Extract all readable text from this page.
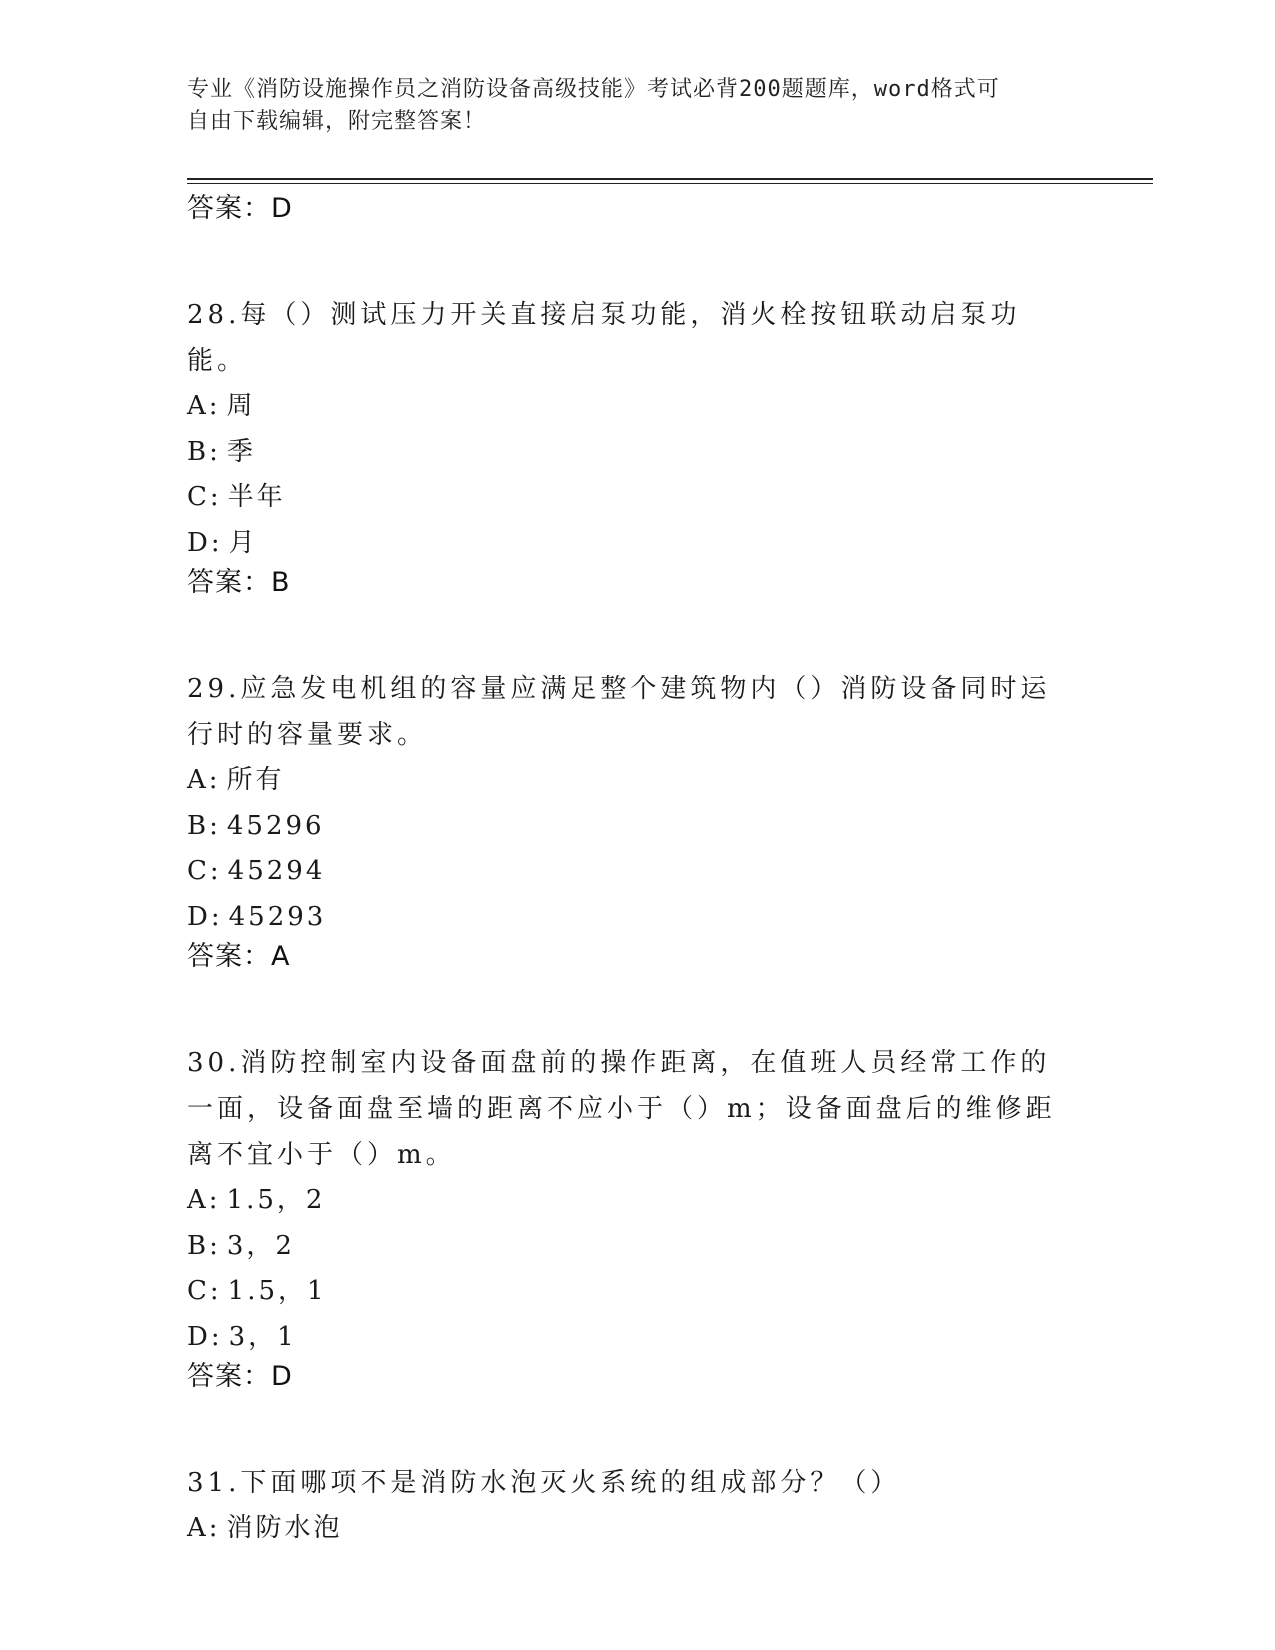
专业《消防设施操作员之消防设备高级技能》考试必背200题题库，word格式可
自由下载编辑，附完整答案！

答案：D

28.每（）测试压力开关直接启泵功能，消火栓按钮联动启泵功能。

A: 周

B: 季

C: 半年

D: 月

答案：B

29.应急发电机组的容量应满足整个建筑物内（）消防设备同时运行时的容量要求。

A: 所有

B: 45296

C: 45294

D: 45293

答案：A

30.消防控制室内设备面盘前的操作距离，在值班人员经常工作的一面，设备面盘至墙的距离不应小于（）m；设备面盘后的维修距离不宜小于（）m。

A: 1.5，2

B: 3，2

C: 1.5，1

D: 3，1

答案：D

31.下面哪项不是消防水泡灭火系统的组成部分？（）

A: 消防水泡
